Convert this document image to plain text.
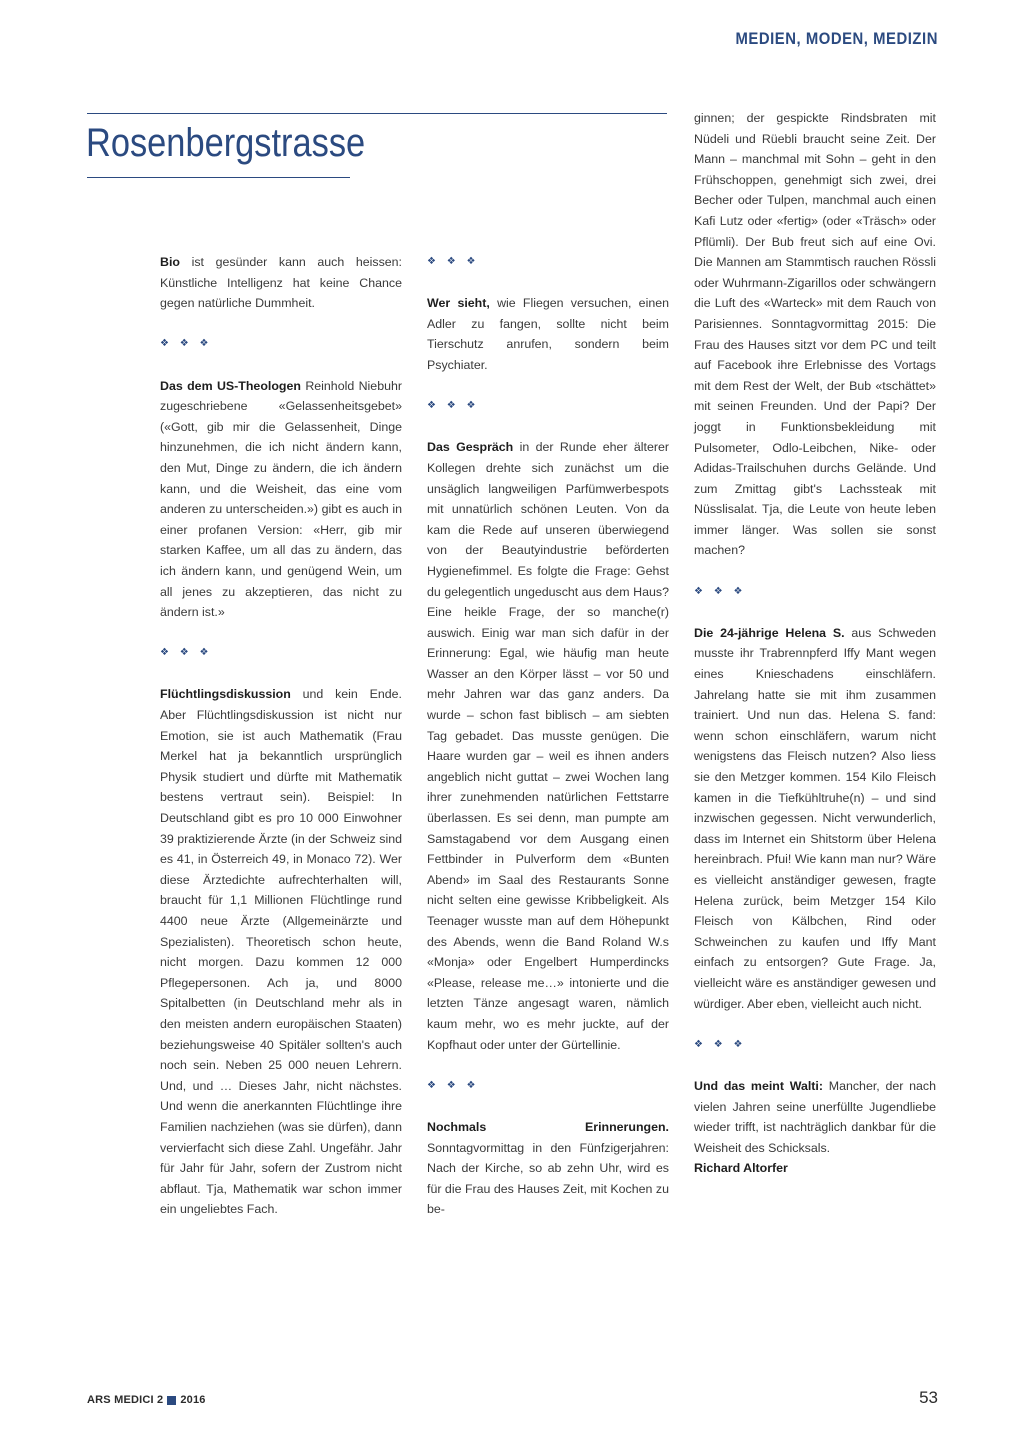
MEDIEN, MODEN, MEDIZIN
Rosenbergstrasse

Bio ist gesünder kann auch heissen: Künstliche Intelligenz hat keine Chance gegen natürliche Dummheit.

❖ ❖ ❖

Das dem US-Theologen Reinhold Niebuhr zugeschriebene «Gelassenheitsgebet» («Gott, gib mir die Gelassenheit, Dinge hinzunehmen, die ich nicht ändern kann, den Mut, Dinge zu ändern, die ich ändern kann, und die Weisheit, das eine vom anderen zu unterscheiden.») gibt es auch in einer profanen Version: «Herr, gib mir starken Kaffee, um all das zu ändern, das ich ändern kann, und genügend Wein, um all jenes zu akzeptieren, das nicht zu ändern ist.»

❖ ❖ ❖

Flüchtlingsdiskussion und kein Ende. Aber Flüchtlingsdiskussion ist nicht nur Emotion, sie ist auch Mathematik (Frau Merkel hat ja bekanntlich ursprünglich Physik studiert und dürfte mit Mathematik bestens vertraut sein). Beispiel: In Deutschland gibt es pro 10 000 Einwohner 39 praktizierende Ärzte (in der Schweiz sind es 41, in Österreich 49, in Monaco 72). Wer diese Ärztedichte aufrechterhalten will, braucht für 1,1 Millionen Flüchtlinge rund 4400 neue Ärzte (Allgemeinärzte und Spezialisten). Theoretisch schon heute, nicht morgen. Dazu kommen 12 000 Pflegepersonen. Ach ja, und 8000 Spitalbetten (in Deutschland mehr als in den meisten andern europäischen Staaten) beziehungsweise 40 Spitäler sollten's auch noch sein. Neben 25 000 neuen Lehrern. Und, und … Dieses Jahr, nicht nächstes. Und wenn die anerkannten Flüchtlinge ihre Familien nachziehen (was sie dürfen), dann vervierfacht sich diese Zahl. Ungefähr. Jahr für Jahr für Jahr, sofern der Zustrom nicht abflaut. Tja, Mathematik war schon immer ein ungeliebtes Fach.

❖ ❖ ❖

Wer sieht, wie Fliegen versuchen, einen Adler zu fangen, sollte nicht beim Tierschutz anrufen, sondern beim Psychiater.

❖ ❖ ❖

Das Gespräch in der Runde eher älterer Kollegen drehte sich zunächst um die unsäglich langweiligen Parfümwerbespots mit unnatürlich schönen Leuten. Von da kam die Rede auf unseren überwiegend von der Beautyindustrie beförderten Hygienefimmel. Es folgte die Frage: Gehst du gelegentlich ungeduscht aus dem Haus? Eine heikle Frage, der so manche(r) auswich. Einig war man sich dafür in der Erinnerung: Egal, wie häufig man heute Wasser an den Körper lässt – vor 50 und mehr Jahren war das ganz anders. Da wurde – schon fast biblisch – am siebten Tag gebadet. Das musste genügen. Die Haare wurden gar – weil es ihnen anders angeblich nicht guttat – zwei Wochen lang ihrer zunehmenden natürlichen Fettstarre überlassen. Es sei denn, man pumpte am Samstagabend vor dem Ausgang einen Fettbinder in Pulverform dem «Bunten Abend» im Saal des Restaurants Sonne nicht selten eine gewisse Kribbeligkeit. Als Teenager wusste man auf dem Höhepunkt des Abends, wenn die Band Roland W.s «Monja» oder Engelbert Humperdincks «Please, release me…» intonierte und die letzten Tänze angesagt waren, nämlich kaum mehr, wo es mehr juckte, auf der Kopfhaut oder unter der Gürtellinie.

❖ ❖ ❖

Nochmals Erinnerungen. Sonntagvormittag in den Fünfzigerjahren: Nach der Kirche, so ab zehn Uhr, wird es für die Frau des Hauses Zeit, mit Kochen zu be-

ginnen; der gespickte Rindsbraten mit Nüdeli und Rüebli braucht seine Zeit. Der Mann – manchmal mit Sohn – geht in den Frühschoppen, genehmigt sich zwei, drei Becher oder Tulpen, manchmal auch einen Kafi Lutz oder «fertig» (oder «Träsch» oder Pflümli). Der Bub freut sich auf eine Ovi. Die Mannen am Stammtisch rauchen Rössli oder Wuhrmann-Zigarillos oder schwängern die Luft des «Warteck» mit dem Rauch von Parisiennes. Sonntagvormittag 2015: Die Frau des Hauses sitzt vor dem PC und teilt auf Facebook ihre Erlebnisse des Vortags mit dem Rest der Welt, der Bub «tschättet» mit seinen Freunden. Und der Papi? Der joggt in Funktionsbekleidung mit Pulsometer, Odlo-Leibchen, Nike- oder Adidas-Trailschuhen durchs Gelände. Und zum Zmittag gibt's Lachssteak mit Nüsslisalat. Tja, die Leute von heute leben immer länger. Was sollen sie sonst machen?

❖ ❖ ❖

Die 24-jährige Helena S. aus Schweden musste ihr Trabrennpferd Iffy Mant wegen eines Knieschadens einschläfern. Jahrelang hatte sie mit ihm zusammen trainiert. Und nun das. Helena S. fand: wenn schon einschläfern, warum nicht wenigstens das Fleisch nutzen? Also liess sie den Metzger kommen. 154 Kilo Fleisch kamen in die Tiefkühltruhe(n) – und sind inzwischen gegessen. Nicht verwunderlich, dass im Internet ein Shitstorm über Helena hereinbrach. Pfui! Wie kann man nur? Wäre es vielleicht anständiger gewesen, fragte Helena zurück, beim Metzger 154 Kilo Fleisch von Kälbchen, Rind oder Schweinchen zu kaufen und Iffy Mant einfach zu entsorgen? Gute Frage. Ja, vielleicht wäre es anständiger gewesen und würdiger. Aber eben, vielleicht auch nicht.

❖ ❖ ❖

Und das meint Walti: Mancher, der nach vielen Jahren seine unerfüllte Jugendliebe wieder trifft, ist nachträglich dankbar für die Weisheit des Schicksals.

Richard Altorfer

ARS MEDICI 2 2016	53
